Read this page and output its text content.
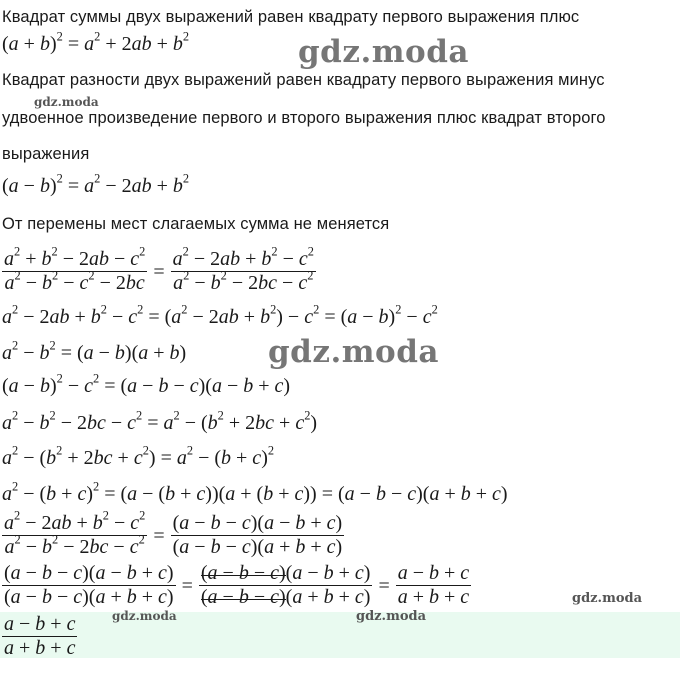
Квадрат суммы двух выражений равен квадрату первого выражения плюс
$(a + b)^2 = a^2 + 2ab + b^2$	gdz.moda
Квадрат разности двух выражений равен квадрату первого выражения минус
gdz.moda
удвоенное произведение первого и второго выражения плюс квадрат второго
выражения
$(a - b)^2 = a^2 - 2ab + b^2$
От перемены мест слагаемых сумма не меняется
$\frac{a^2 + b^2 - 2ab - c^2}{a^2 - b^2 - c^2 - 2bc} = \frac{a^2 - 2ab + b^2 - c^2}{a^2 - b^2 - 2bc - c^2}$
$a^2 - 2ab + b^2 - c^2 = (a^2 - 2ab + b^2) - c^2 = (a - b)^2 - c^2$
$a^2 - b^2 = (a - b)(a + b)$	gdz.moda
$(a - b)^2 - c^2 = (a - b - c)(a - b + c)$
$a^2 - b^2 - 2bc - c^2 = a^2 - (b^2 + 2bc + c^2)$
$a^2 - (b^2 + 2bc + c^2) = a^2 - (b + c)^2$
$a^2 - (b + c)^2 = (a - (b + c))(a + (b + c)) = (a - b - c)(a + b + c)$
$\frac{a^2 - 2ab + b^2 - c^2}{a^2 - b^2 - 2bc - c^2} = \frac{(a - b - c)(a - b + c)}{(a - b - c)(a + b + c)}$
$\frac{(a - b - c)(a - b + c)}{(a - b - c)(a + b + c)} = \frac{(a - b - c)(a - b + c)}{(a - b - c)(a + b + c)} = \frac{a - b + c}{a + b + c}$	gdz.moda
gdz.moda	gdz.moda
$\frac{a - b + c}{a + b + c}$
